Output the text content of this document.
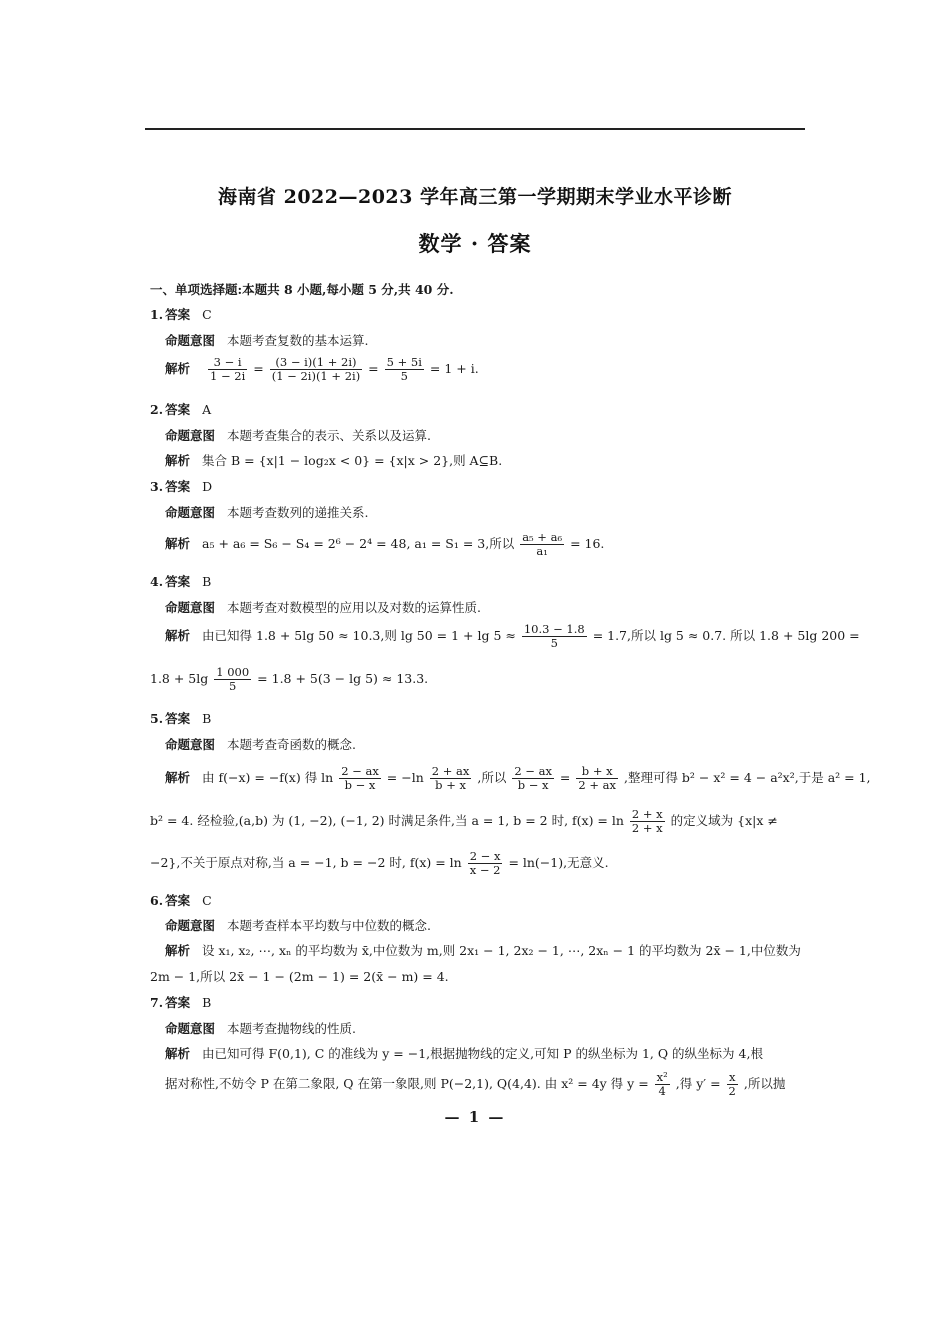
海南省 2022—2023 学年高三第一学期期末学业水平诊断
数学 · 答案
一、单项选择题:本题共 8 小题,每小题 5 分,共 40 分.
1. 答案 C
命题意图 本题考查复数的基本运算.
解析 $\frac{3 - i}{1 - 2i} = \frac{(3 - i)(1 + 2i)}{(1 - 2i)(1 + 2i)} = \frac{5 + 5i}{5} = 1 + i$.
2. 答案 A
命题意图 本题考查集合的表示、关系以及运算.
解析 集合 B = {x|1 − log₂x < 0} = {x|x > 2},则 A⊆B.
3. 答案 D
命题意图 本题考查数列的递推关系.
解析 a₅ + a₆ = S₆ − S₄ = 2⁶ − 2⁴ = 48, a₁ = S₁ = 3,所以 $\frac{\text{a₅ + a₆}}{\text{a₁}} = 16$.
4. 答案 B
命题意图 本题考查对数模型的应用以及对数的运算性质.
解析 由已知得 1.8 + 5lg 50 ≈ 10.3,则 $\lg 50 = 1 + \lg 5 \approx \frac{10.3 - 1.8}{5} = 1.7$,所以 lg 5 ≈ 0.7. 所以 1.8 + 5lg 200 =
$1.8 + 5\lg \frac{1 000}{5} = 1.8 + 5(3 - \lg 5) \approx 13.3$.
5. 答案 B
命题意图 本题考查奇函数的概念.
解析 由 f(−x) = −f(x) 得 $\ln \frac{2 - ax}{b - x} = -\ln \frac{2 + ax}{b + x}$ ,所以 $\frac{2 - ax}{b - x} = \frac{b + x}{2 + ax}$ ,整理可得 b² − x² = 4 − a²x²,于是 a² = 1,
b² = 4. 经检验,(a,b) 为 (1, −2), (−1, 2) 时满足条件,当 a = 1, b = 2 时, $f(x) = \ln \frac{2 + x}{2 + x}$ 的定义域为 {x|x ≠
−2},不关于原点对称,当 a = −1, b = −2 时, $f(x) = \ln \frac{2 - x}{x - 2} = \ln(-1)$,无意义.
6. 答案 C
命题意图 本题考查样本平均数与中位数的概念.
解析 设 x₁, x₂, ⋯, xₙ 的平均数为 x̄,中位数为 m,则 2x₁ − 1, 2x₂ − 1, ⋯, 2xₙ − 1 的平均数为 2x̄ − 1,中位数为
2m − 1,所以 2x̄ − 1 − (2m − 1) = 2(x̄ − m) = 4.
7. 答案 B
命题意图 本题考查抛物线的性质.
解析 由已知可得 F(0,1), C 的准线为 y = −1,根据抛物线的定义,可知 P 的纵坐标为 1, Q 的纵坐标为 4,根
据对称性,不妨令 P 在第二象限, Q 在第一象限,则 P(−2,1), Q(4,4). 由 x² = 4y 得 $y = \frac{\text{x²}}{4}$ ,得 $y' = \frac{x}{2}$ ,所以抛
— 1 —
